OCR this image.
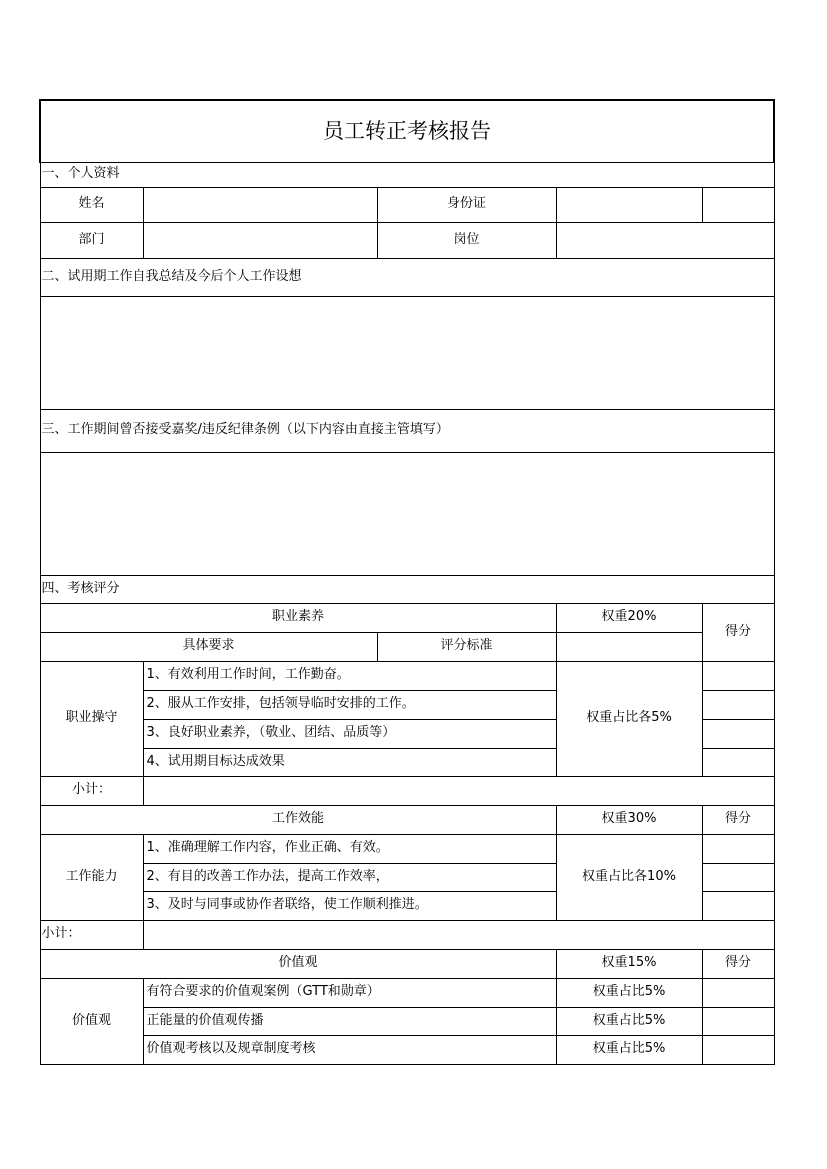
员工转正考核报告				
一、个人资料				
姓名		身份证		
部门		岗位		
二、试用期工作自我总结及今后个人工作设想				

三、工作期间曾否接受嘉奖/违反纪律条例（以下内容由直接主管填写）				

四、考核评分				
职业素养			权重20%	得分
具体要求		评分标准		
职业操守	1、有效利用工作时间，工作勤奋。		权重占比各5%	
	2、服从工作安排，包括领导临时安排的工作。			
	3、良好职业素养，（敬业、团结、品质等）			
	4、试用期目标达成效果			
小计：				
工作效能			权重30%	得分
工作能力	1、准确理解工作内容，作业正确、有效。		权重占比各10%	
	2、有目的改善工作办法，提高工作效率，			
	3、及时与同事或协作者联络，使工作顺利推进。			
小计：				
价值观			权重15%	得分
价值观	有符合要求的价值观案例（GTT和勋章）		权重占比5%	
	正能量的价值观传播		权重占比5%	
	价值观考核以及规章制度考核		权重占比5%	
